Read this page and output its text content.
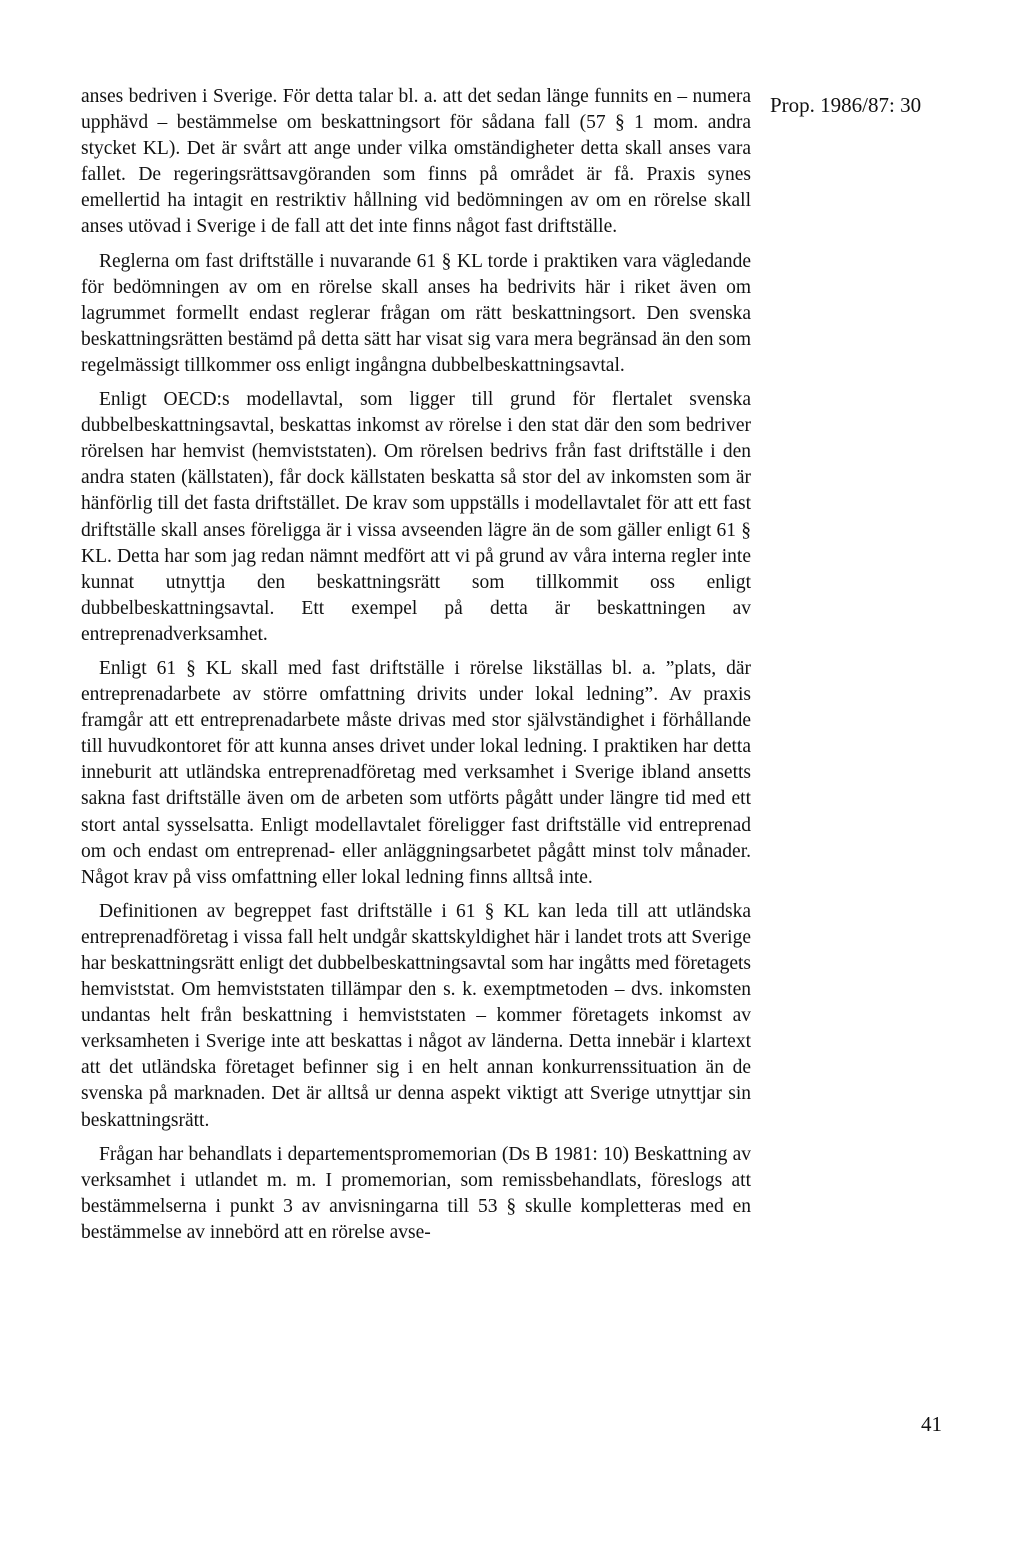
Prop. 1986/87: 30

anses bedriven i Sverige. För detta talar bl. a. att det sedan länge funnits en – numera upphävd – bestämmelse om beskattningsort för sådana fall (57 § 1 mom. andra stycket KL). Det är svårt att ange under vilka omständigheter detta skall anses vara fallet. De regeringsrättsavgöranden som finns på området är få. Praxis synes emellertid ha intagit en restriktiv hållning vid bedömningen av om en rörelse skall anses utövad i Sverige i de fall att det inte finns något fast driftställe.

Reglerna om fast driftställe i nuvarande 61 § KL torde i praktiken vara vägledande för bedömningen av om en rörelse skall anses ha bedrivits här i riket även om lagrummet formellt endast reglerar frågan om rätt beskattningsort. Den svenska beskattningsrätten bestämd på detta sätt har visat sig vara mera begränsad än den som regelmässigt tillkommer oss enligt ingångna dubbelbeskattningsavtal.

Enligt OECD:s modellavtal, som ligger till grund för flertalet svenska dubbelbeskattningsavtal, beskattas inkomst av rörelse i den stat där den som bedriver rörelsen har hemvist (hemviststaten). Om rörelsen bedrivs från fast driftställe i den andra staten (källstaten), får dock källstaten beskatta så stor del av inkomsten som är hänförlig till det fasta driftstället. De krav som uppställs i modellavtalet för att ett fast driftställe skall anses föreligga är i vissa avseenden lägre än de som gäller enligt 61 § KL. Detta har som jag redan nämnt medfört att vi på grund av våra interna regler inte kunnat utnyttja den beskattningsrätt som tillkommit oss enligt dubbelbeskattningsavtal. Ett exempel på detta är beskattningen av entreprenadverksamhet.

Enligt 61 § KL skall med fast driftställe i rörelse likställas bl. a. ”plats, där entreprenadarbete av större omfattning drivits under lokal ledning”. Av praxis framgår att ett entreprenadarbete måste drivas med stor självständighet i förhållande till huvudkontoret för att kunna anses drivet under lokal ledning. I praktiken har detta inneburit att utländska entreprenadföretag med verksamhet i Sverige ibland ansetts sakna fast driftställe även om de arbeten som utförts pågått under längre tid med ett stort antal sysselsatta. Enligt modellavtalet föreligger fast driftställe vid entreprenad om och endast om entreprenad- eller anläggningsarbetet pågått minst tolv månader. Något krav på viss omfattning eller lokal ledning finns alltså inte.

Definitionen av begreppet fast driftställe i 61 § KL kan leda till att utländska entreprenadföretag i vissa fall helt undgår skattskyldighet här i landet trots att Sverige har beskattningsrätt enligt det dubbelbeskattningsavtal som har ingåtts med företagets hemviststat. Om hemviststaten tillämpar den s. k. exemptmetoden – dvs. inkomsten undantas helt från beskattning i hemviststaten – kommer företagets inkomst av verksamheten i Sverige inte att beskattas i något av länderna. Detta innebär i klartext att det utländska företaget befinner sig i en helt annan konkurrenssituation än de svenska på marknaden. Det är alltså ur denna aspekt viktigt att Sverige utnyttjar sin beskattningsrätt.

Frågan har behandlats i departementspromemorian (Ds B 1981: 10) Beskattning av verksamhet i utlandet m. m. I promemorian, som remissbehandlats, föreslogs att bestämmelserna i punkt 3 av anvisningarna till 53 § skulle kompletteras med en bestämmelse av innebörd att en rörelse avse-

41
